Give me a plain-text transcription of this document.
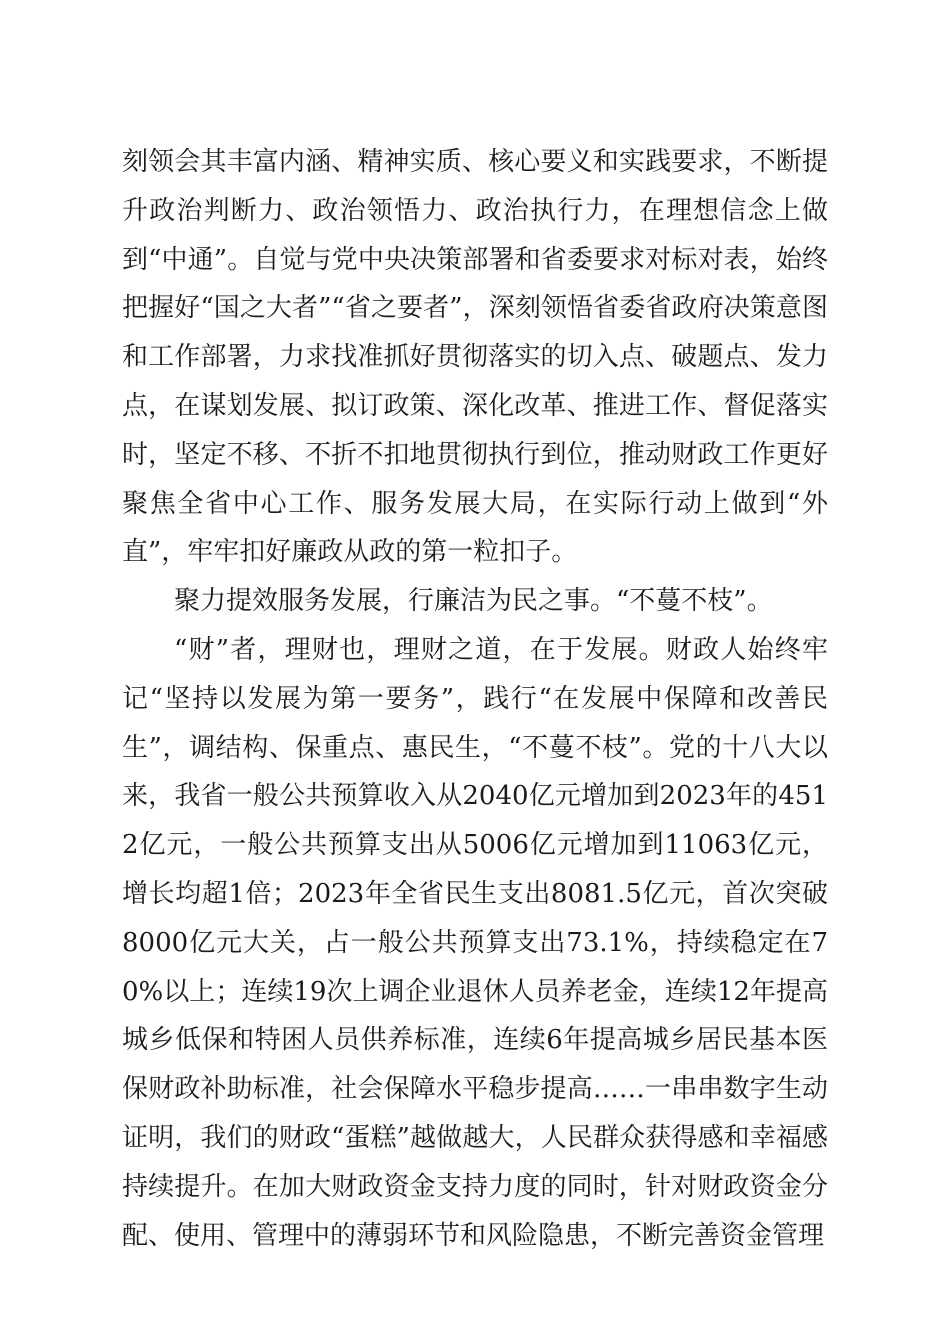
刻领会其丰富内涵、精神实质、核心要义和实践要求，不断提升政治判断力、政治领悟力、政治执行力，在理想信念上做到“中通”。自觉与党中央决策部署和省委要求对标对表，始终把握好“国之大者”“省之要者”，深刻领悟省委省政府决策意图和工作部署，力求找准抓好贯彻落实的切入点、破题点、发力点，在谋划发展、拟订政策、深化改革、推进工作、督促落实时，坚定不移、不折不扣地贯彻执行到位，推动财政工作更好聚焦全省中心工作、服务发展大局，在实际行动上做到“外直”，牢牢扣好廉政从政的第一粒扣子。

聚力提效服务发展，行廉洁为民之事。“不蔓不枝”。

“财”者，理财也，理财之道，在于发展。财政人始终牢记“坚持以发展为第一要务”，践行“在发展中保障和改善民生”，调结构、保重点、惠民生，“不蔓不枝”。党的十八大以来，我省一般公共预算收入从2040亿元增加到2023年的4512亿元，一般公共预算支出从5006亿元增加到11063亿元，增长均超1倍；2023年全省民生支出8081.5亿元，首次突破8000亿元大关，占一般公共预算支出73.1%，持续稳定在70%以上；连续19次上调企业退休人员养老金，连续12年提高城乡低保和特困人员供养标准，连续6年提高城乡居民基本医保财政补助标准，社会保障水平稳步提高……一串串数字生动证明，我们的财政“蛋糕”越做越大，人民群众获得感和幸福感持续提升。在加大财政资金支持力度的同时，针对财政资金分配、使用、管理中的薄弱环节和风险隐患，不断完善资金管理
